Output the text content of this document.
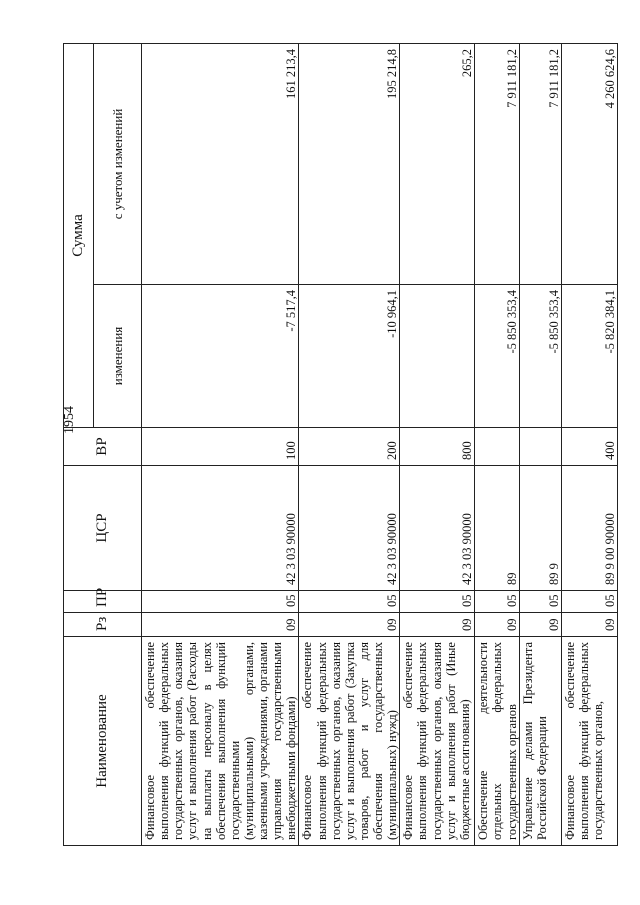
1954
Наименование	Рз	ПР	ЦСР	ВР	Сумма	
					изменения	с учетом изменений
Финансовое обеспечение выполнения функций федеральных государственных органов, оказания услуг и выполнения работ (Расходы на выплаты персоналу в целях обеспечения выполнения функций государственными (муниципальными) органами, казенными учреждениями, органами управления государственными внебюджетными фондами)	09	05	42 3 03 90000	100	-7 517,4	161 213,4
Финансовое обеспечение выполнения функций федеральных государственных органов, оказания услуг и выполнения работ (Закупка товаров, работ и услуг для обеспечения государственных (муниципальных) нужд)	09	05	42 3 03 90000	200	-10 964,1	195 214,8
Финансовое обеспечение выполнения функций федеральных государственных органов, оказания услуг и выполнения работ (Иные бюджетные ассигнования)	09	05	42 3 03 90000	800		265,2
Обеспечение деятельности отдельных федеральных государственных органов	09	05	89		-5 850 353,4	7 911 181,2
Управление делами Президента Российской Федерации	09	05	89 9		-5 850 353,4	7 911 181,2
Финансовое обеспечение выполнения функций федеральных государственных органов,	09	05	89 9 00 90000	400	-5 820 384,1	4 260 624,6
